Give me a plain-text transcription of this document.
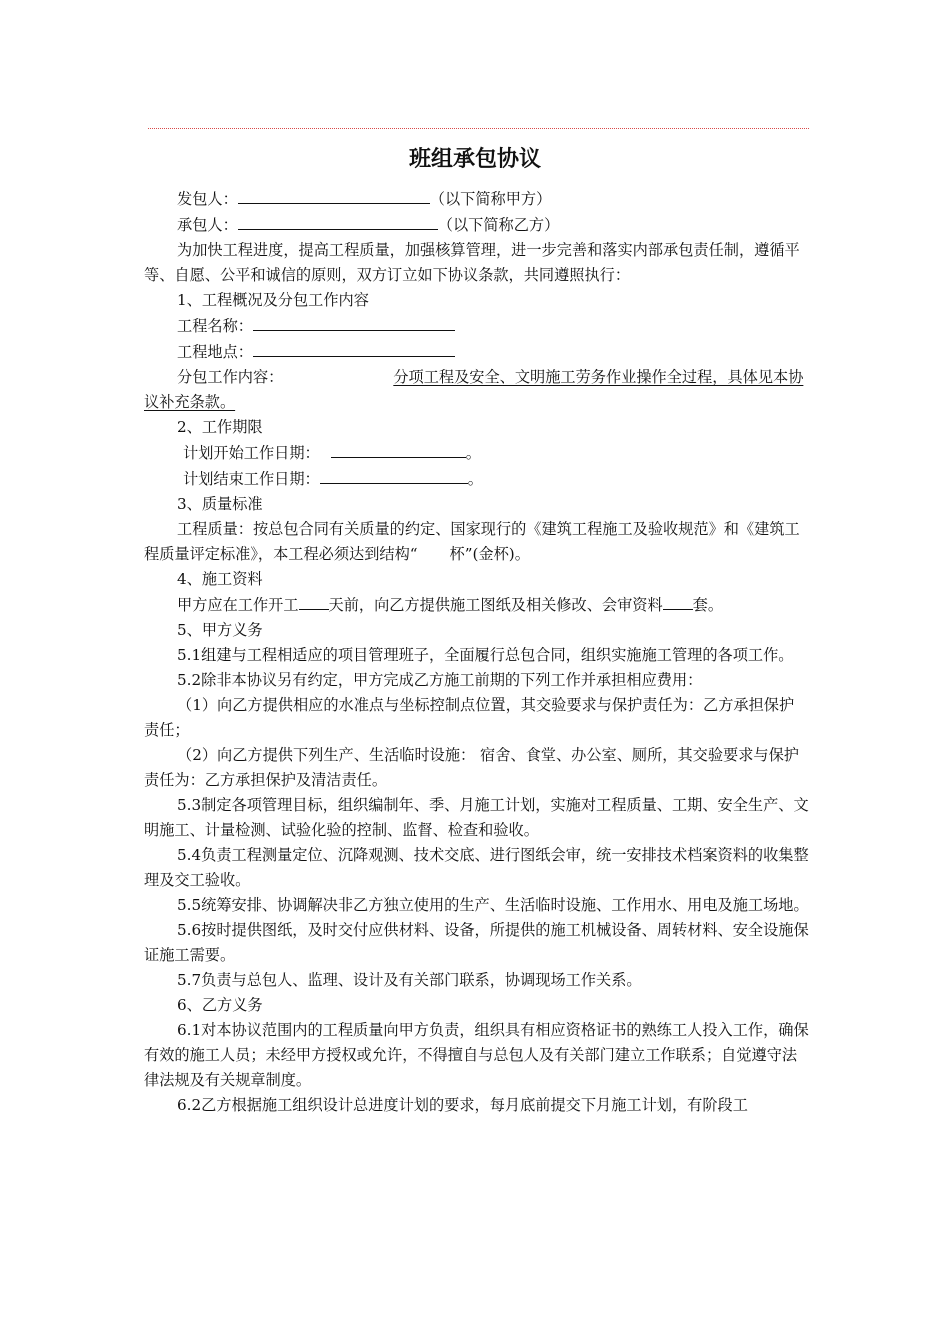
班组承包协议

发包人：	（以下简称甲方）

承包人：	（以下简称乙方）

为加快工程进度，提高工程质量，加强核算管理，进一步完善和落实内部承包责任制，遵循平等、自愿、公平和诚信的原则，双方订立如下协议条款，共同遵照执行：

1、工程概况及分包工作内容

工程名称：

工程地点：

分包工作内容：	分项工程及安全、文明施工劳务作业操作全过程，具体见本协议补充条款。

2、工作期限

计划开始工作日期：	。

计划结束工作日期：	。

3、质量标准

工程质量：按总包合同有关质量的约定、国家现行的《建筑工程施工及验收规范》和《建筑工程质量评定标准》，本工程必须达到结构“ 杯”(金杯)。

4、施工资料

甲方应在工作开工 天前，向乙方提供施工图纸及相关修改、会审资料 套。

5、甲方义务

5.1组建与工程相适应的项目管理班子，全面履行总包合同，组织实施施工管理的各项工作。

5.2除非本协议另有约定，甲方完成乙方施工前期的下列工作并承担相应费用：

（1）向乙方提供相应的水准点与坐标控制点位置，其交验要求与保护责任为：乙方承担保护责任；

（2）向乙方提供下列生产、生活临时设施： 宿舍、食堂、办公室、厕所，其交验要求与保护责任为：乙方承担保护及清洁责任。

5.3制定各项管理目标，组织编制年、季、月施工计划，实施对工程质量、工期、安全生产、文明施工、计量检测、试验化验的控制、监督、检查和验收。

5.4负责工程测量定位、沉降观测、技术交底、进行图纸会审，统一安排技术档案资料的收集整理及交工验收。

5.5统筹安排、协调解决非乙方独立使用的生产、生活临时设施、工作用水、用电及施工场地。

5.6按时提供图纸，及时交付应供材料、设备，所提供的施工机械设备、周转材料、安全设施保证施工需要。

5.7负责与总包人、监理、设计及有关部门联系，协调现场工作关系。

6、乙方义务

6.1对本协议范围内的工程质量向甲方负责，组织具有相应资格证书的熟练工人投入工作，确保有效的施工人员；未经甲方授权或允许，不得擅自与总包人及有关部门建立工作联系；自觉遵守法律法规及有关规章制度。

6.2乙方根据施工组织设计总进度计划的要求，每月底前提交下月施工计划，有阶段工
